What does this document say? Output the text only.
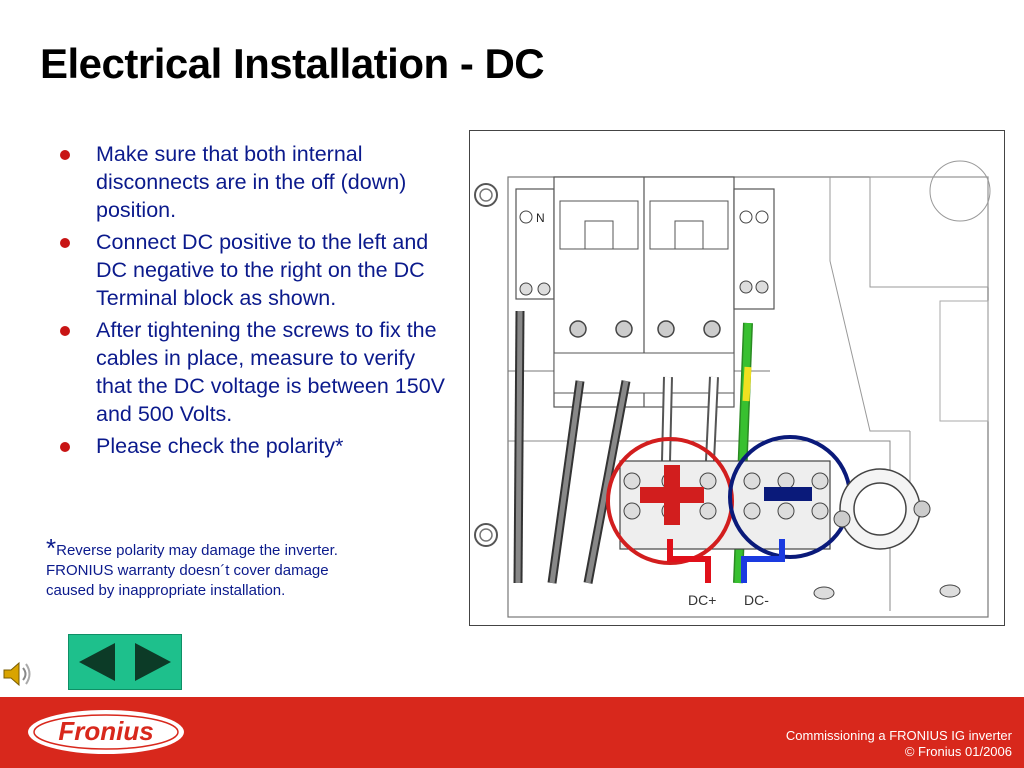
Electrical Installation - DC
Make sure that both internal disconnects are in the off (down) position.
Connect DC positive to the left and DC negative to the right on the DC Terminal block as shown.
After tightening the screws to fix the cables in place, measure to verify that the DC voltage is between 150V and 500 Volts.
Please check the polarity*
*Reverse polarity may damage the inverter.
FRONIUS warranty doesn´t cover damage
caused by inappropriate installation.
N
DC+ DC-
Fronius	Commissioning a FRONIUS IG inverter
© Fronius 01/2006
